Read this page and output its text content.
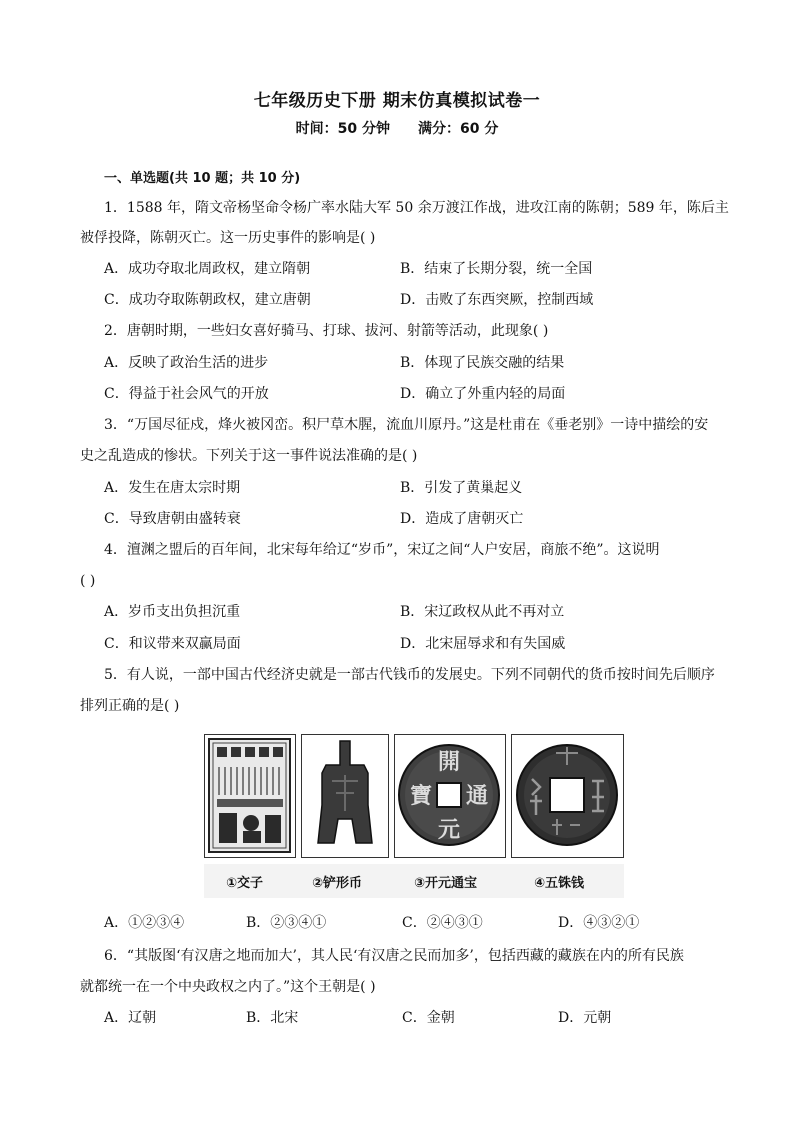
七年级历史下册 期末仿真模拟试卷一
时间：50 分钟 满分：60 分
一、单选题(共 10 题；共 10 分)
1．1588 年，隋文帝杨坚命令杨广率水陆大军 50 余万渡江作战，进攻江南的陈朝；589 年，陈后主
被俘投降，陈朝灭亡。这一历史事件的影响是( )
A．成功夺取北周政权，建立隋朝	B．结束了长期分裂，统一全国
C．成功夺取陈朝政权，建立唐朝	D．击败了东西突厥，控制西域
2．唐朝时期，一些妇女喜好骑马、打球、拔河、射箭等活动，此现象( )
A．反映了政治生活的进步	B．体现了民族交融的结果
C．得益于社会风气的开放	D．确立了外重内轻的局面
3．“万国尽征戍，烽火被冈峦。积尸草木腥，流血川原丹。”这是杜甫在《垂老别》一诗中描绘的安
史之乱造成的惨状。下列关于这一事件说法准确的是( )
A．发生在唐太宗时期	B．引发了黄巢起义
C．导致唐朝由盛转衰	D．造成了唐朝灭亡
4．澶渊之盟后的百年间，北宋每年给辽“岁币”，宋辽之间“人户安居，商旅不绝”。这说明
( )
A．岁币支出负担沉重	B．宋辽政权从此不再对立
C．和议带来双赢局面	D．北宋屈辱求和有失国威
5．有人说，一部中国古代经济史就是一部古代钱币的发展史。下列不同朝代的货币按时间先后顺序
排列正确的是( )
開
通
寶
元
①交子	②铲形币	③开元通宝	④五铢钱
A．①②③④	B．②③④①	C．②④③①	D．④③②①
6．“其版图‘有汉唐之地而加大’，其人民‘有汉唐之民而加多’，包括西藏的藏族在内的所有民族
就都统一在一个中央政权之内了。”这个王朝是( )
A．辽朝	B．北宋	C．金朝	D．元朝
